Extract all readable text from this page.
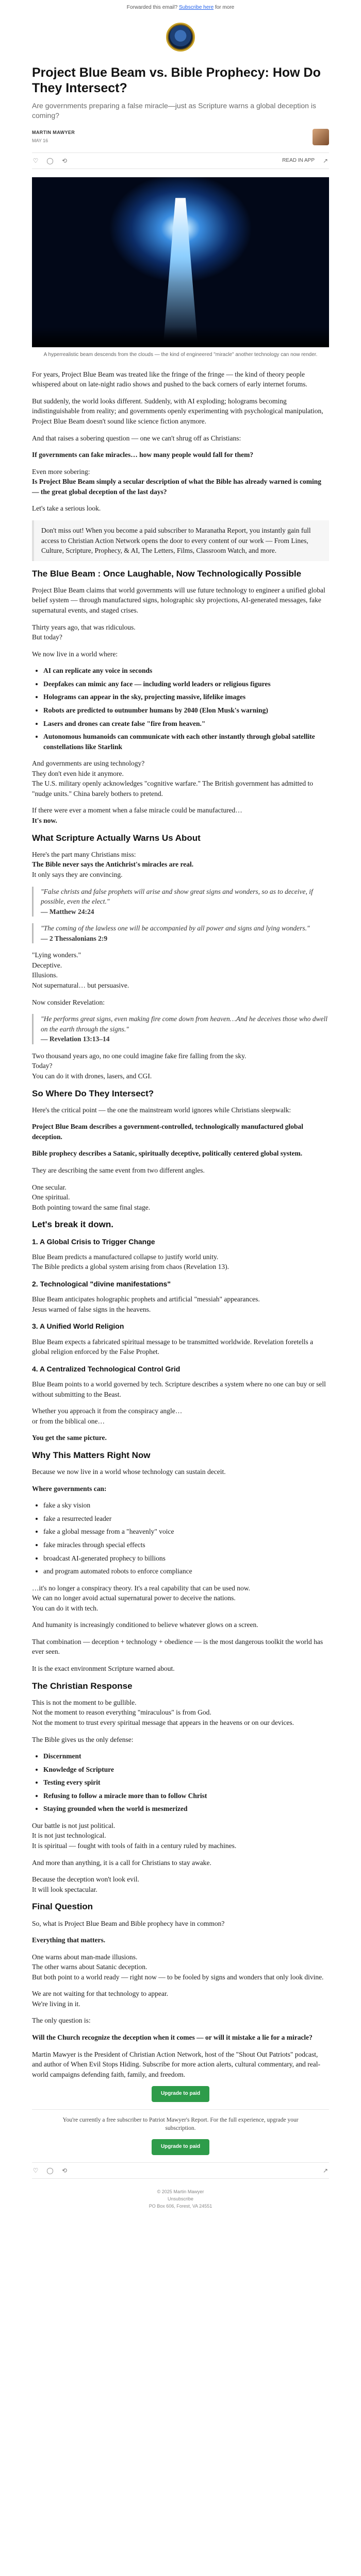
Forwarded this email? Subscribe here for more
Project Blue Beam vs. Bible Prophecy: How Do They Intersect?
Are governments preparing a false miracle—just as Scripture warns a global deception is coming?
MARTIN MAWYER
MAY 16
♡ ◯ ⟲	READ IN APP ↗
A hyperrealistic beam descends from the clouds — the kind of engineered "miracle" another technology can now render.

For years, Project Blue Beam was treated like the fringe of the fringe — the kind of theory people whispered about on late-night radio shows and pushed to the back corners of early internet forums.

But suddenly, the world looks different. Suddenly, with AI exploding; holograms becoming indistinguishable from reality; and governments openly experimenting with psychological manipulation, Project Blue Beam doesn't sound like science fiction anymore.

And that raises a sobering question — one we can't shrug off as Christians:

If governments can fake miracles… how many people would fall for them?

Even more sobering:
Is Project Blue Beam simply a secular description of what the Bible has already warned is coming — the great global deception of the last days?

Let's take a serious look.

Don't miss out! When you become a paid subscriber to Maranatha Report, you instantly gain full access to Christian Action Network opens the door to every content of our work — From Lines, Culture, Scripture, Prophecy, & AI, The Letters, Films, Classroom Watch, and more.
The Blue Beam : Once Laughable, Now Technologically Possible

Project Blue Beam claims that world governments will use future technology to engineer a unified global belief system — through manufactured signs, holographic sky projections, AI-generated messages, fake supernatural events, and staged crises.

Thirty years ago, that was ridiculous.
But today?

We now live in a world where:

• AI can replicate any voice in seconds
• Deepfakes can mimic any face — including world leaders or religious figures
• Holograms can appear in the sky, projecting massive, lifelike images
• Robots are predicted to outnumber humans by 2040 (Elon Musk's warning)
• Lasers and drones can create false "fire from heaven."
• Autonomous humanoids can communicate with each other instantly through global satellite constellations like Starlink

And governments are using technology?
They don't even hide it anymore.
The U.S. military openly acknowledges "cognitive warfare." The British government has admitted to "nudge units." China barely bothers to pretend.

If there were ever a moment when a false miracle could be manufactured…
It's now.

What Scripture Actually Warns Us About

Here's the part many Christians miss:
The Bible never says the Antichrist's miracles are real.
It only says they are convincing.

"False christs and false prophets will arise and show great signs and wonders, so as to deceive, if possible, even the elect."
— Matthew 24:24
"The coming of the lawless one will be accompanied by all power and signs and lying wonders."
— 2 Thessalonians 2:9

"Lying wonders."
Deceptive.
Illusions.
Not supernatural… but persuasive.

Now consider Revelation:

"He performs great signs, even making fire come down from heaven…And he deceives those who dwell on the earth through the signs."
— Revelation 13:13–14

Two thousand years ago, no one could imagine fake fire falling from the sky.
Today?
You can do it with drones, lasers, and CGI.

So Where Do They Intersect?

Here's the critical point — the one the mainstream world ignores while Christians sleepwalk:

Project Blue Beam describes a government-controlled, technologically manufactured global deception.

Bible prophecy describes a Satanic, spiritually deceptive, politically centered global system.

They are describing the same event from two different angles.

One secular.
One spiritual.
Both pointing toward the same final stage.

Let's break it down.
1. A Global Crisis to Trigger Change

Blue Beam predicts a manufactured collapse to justify world unity.
The Bible predicts a global system arising from chaos (Revelation 13).

2. Technological "divine manifestations"

Blue Beam anticipates holographic prophets and artificial "messiah" appearances.
Jesus warned of false signs in the heavens.

3. A Unified World Religion

Blue Beam expects a fabricated spiritual message to be transmitted worldwide. Revelation foretells a global religion enforced by the False Prophet.

4. A Centralized Technological Control Grid

Blue Beam points to a world governed by tech. Scripture describes a system where no one can buy or sell without submitting to the Beast.

Whether you approach it from the conspiracy angle…
or from the biblical one…

You get the same picture.

Why This Matters Right Now

Because we now live in a world whose technology can sustain deceit.

Where governments can:

• fake a sky vision
• fake a resurrected leader
• fake a global message from a "heavenly" voice
• fake miracles through special effects
• broadcast AI-generated prophecy to billions
• and program automated robots to enforce compliance

…it's no longer a conspiracy theory. It's a real capability that can be used now.
We can no longer avoid actual supernatural power to deceive the nations.
You can do it with tech.

And humanity is increasingly conditioned to believe whatever glows on a screen.

That combination — deception + technology + obedience — is the most dangerous toolkit the world has ever seen.

It is the exact environment Scripture warned about.

The Christian Response

This is not the moment to be gullible.
Not the moment to reason everything "miraculous" is from God.
Not the moment to trust every spiritual message that appears in the heavens or on our devices.

The Bible gives us the only defense:

• Discernment
• Knowledge of Scripture
• Testing every spirit
• Refusing to follow a miracle more than to follow Christ
• Staying grounded when the world is mesmerized

Our battle is not just political.
It is not just technological.
It is spiritual — fought with tools of faith in a century ruled by machines.

And more than anything, it is a call for Christians to stay awake.

Because the deception won't look evil.
It will look spectacular.

Final Question

So, what is Project Blue Beam and Bible prophecy have in common?

Everything that matters.

One warns about man-made illusions.
The other warns about Satanic deception.
But both point to a world ready — right now — to be fooled by signs and wonders that only look divine.

We are not waiting for that technology to appear.
We're living in it.

The only question is:

Will the Church recognize the deception when it comes — or will it mistake a lie for a miracle?

Martin Mawyer is the President of Christian Action Network, host of the "Shout Out Patriots" podcast, and author of When Evil Stops Hiding. Subscribe for more action alerts, cultural commentary, and real-world campaigns defending faith, family, and freedom.

Upgrade to paid

You're currently a free subscriber to Patriot Mawyer's Report. For the full experience, upgrade your subscription.

Upgrade to paid
♡ ◯ ⟲	↗
© 2025 Martin Mawyer
Unsubscribe
PO Box 606, Forest, VA 24551
